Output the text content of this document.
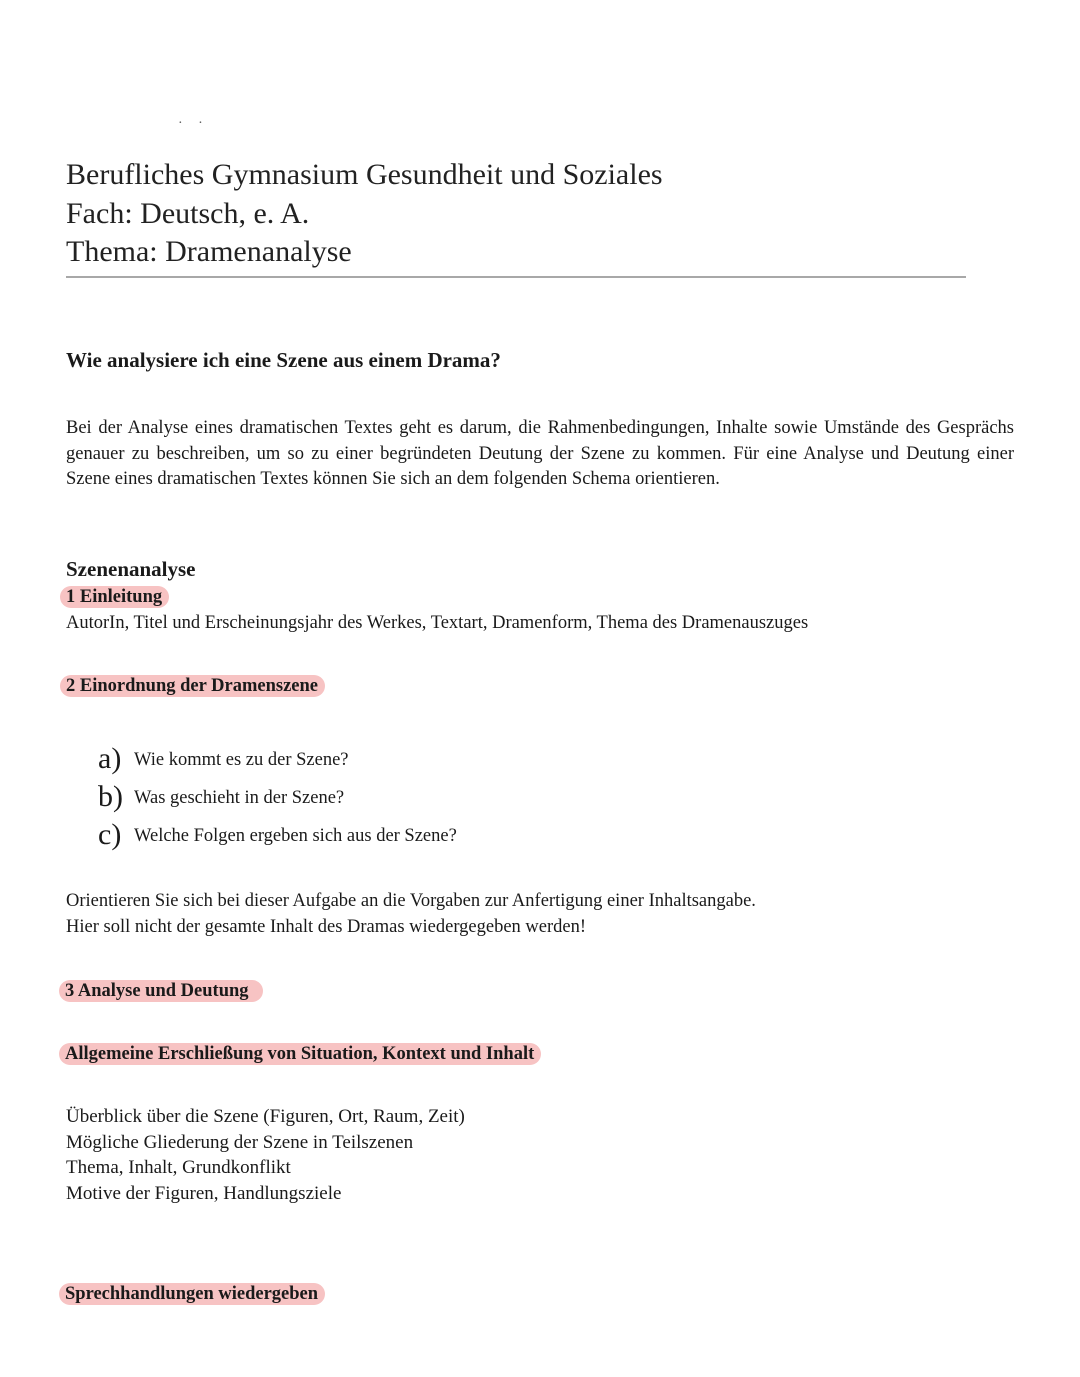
· ·
Berufliches Gymnasium Gesundheit und Soziales
Fach: Deutsch, e. A.
Thema: Dramenanalyse
Wie analysiere ich eine Szene aus einem Drama?
Bei der Analyse eines dramatischen Textes geht es darum, die Rahmenbedingungen, Inhalte sowie Umstände des Gesprächs genauer zu beschreiben, um so zu einer begründeten Deutung der Szene zu kommen. Für eine Analyse und Deutung einer Szene eines dramatischen Textes können Sie sich an dem folgenden Schema orientieren.
Szenenanalyse
1 Einleitung
AutorIn, Titel und Erscheinungsjahr des Werkes, Textart, Dramenform, Thema des Dramenauszuges
2 Einordnung der Dramenszene
a) Wie kommt es zu der Szene?
b) Was geschieht in der Szene?
c) Welche Folgen ergeben sich aus der Szene?
Orientieren Sie sich bei dieser Aufgabe an die Vorgaben zur Anfertigung einer Inhaltsangabe.
Hier soll nicht der gesamte Inhalt des Dramas wiedergegeben werden!
3 Analyse und Deutung
Allgemeine Erschließung von Situation, Kontext und Inhalt
Überblick über die Szene (Figuren, Ort, Raum, Zeit)
Mögliche Gliederung der Szene in Teilszenen
Thema, Inhalt, Grundkonflikt
Motive der Figuren, Handlungsziele
Sprechhandlungen wiedergeben
